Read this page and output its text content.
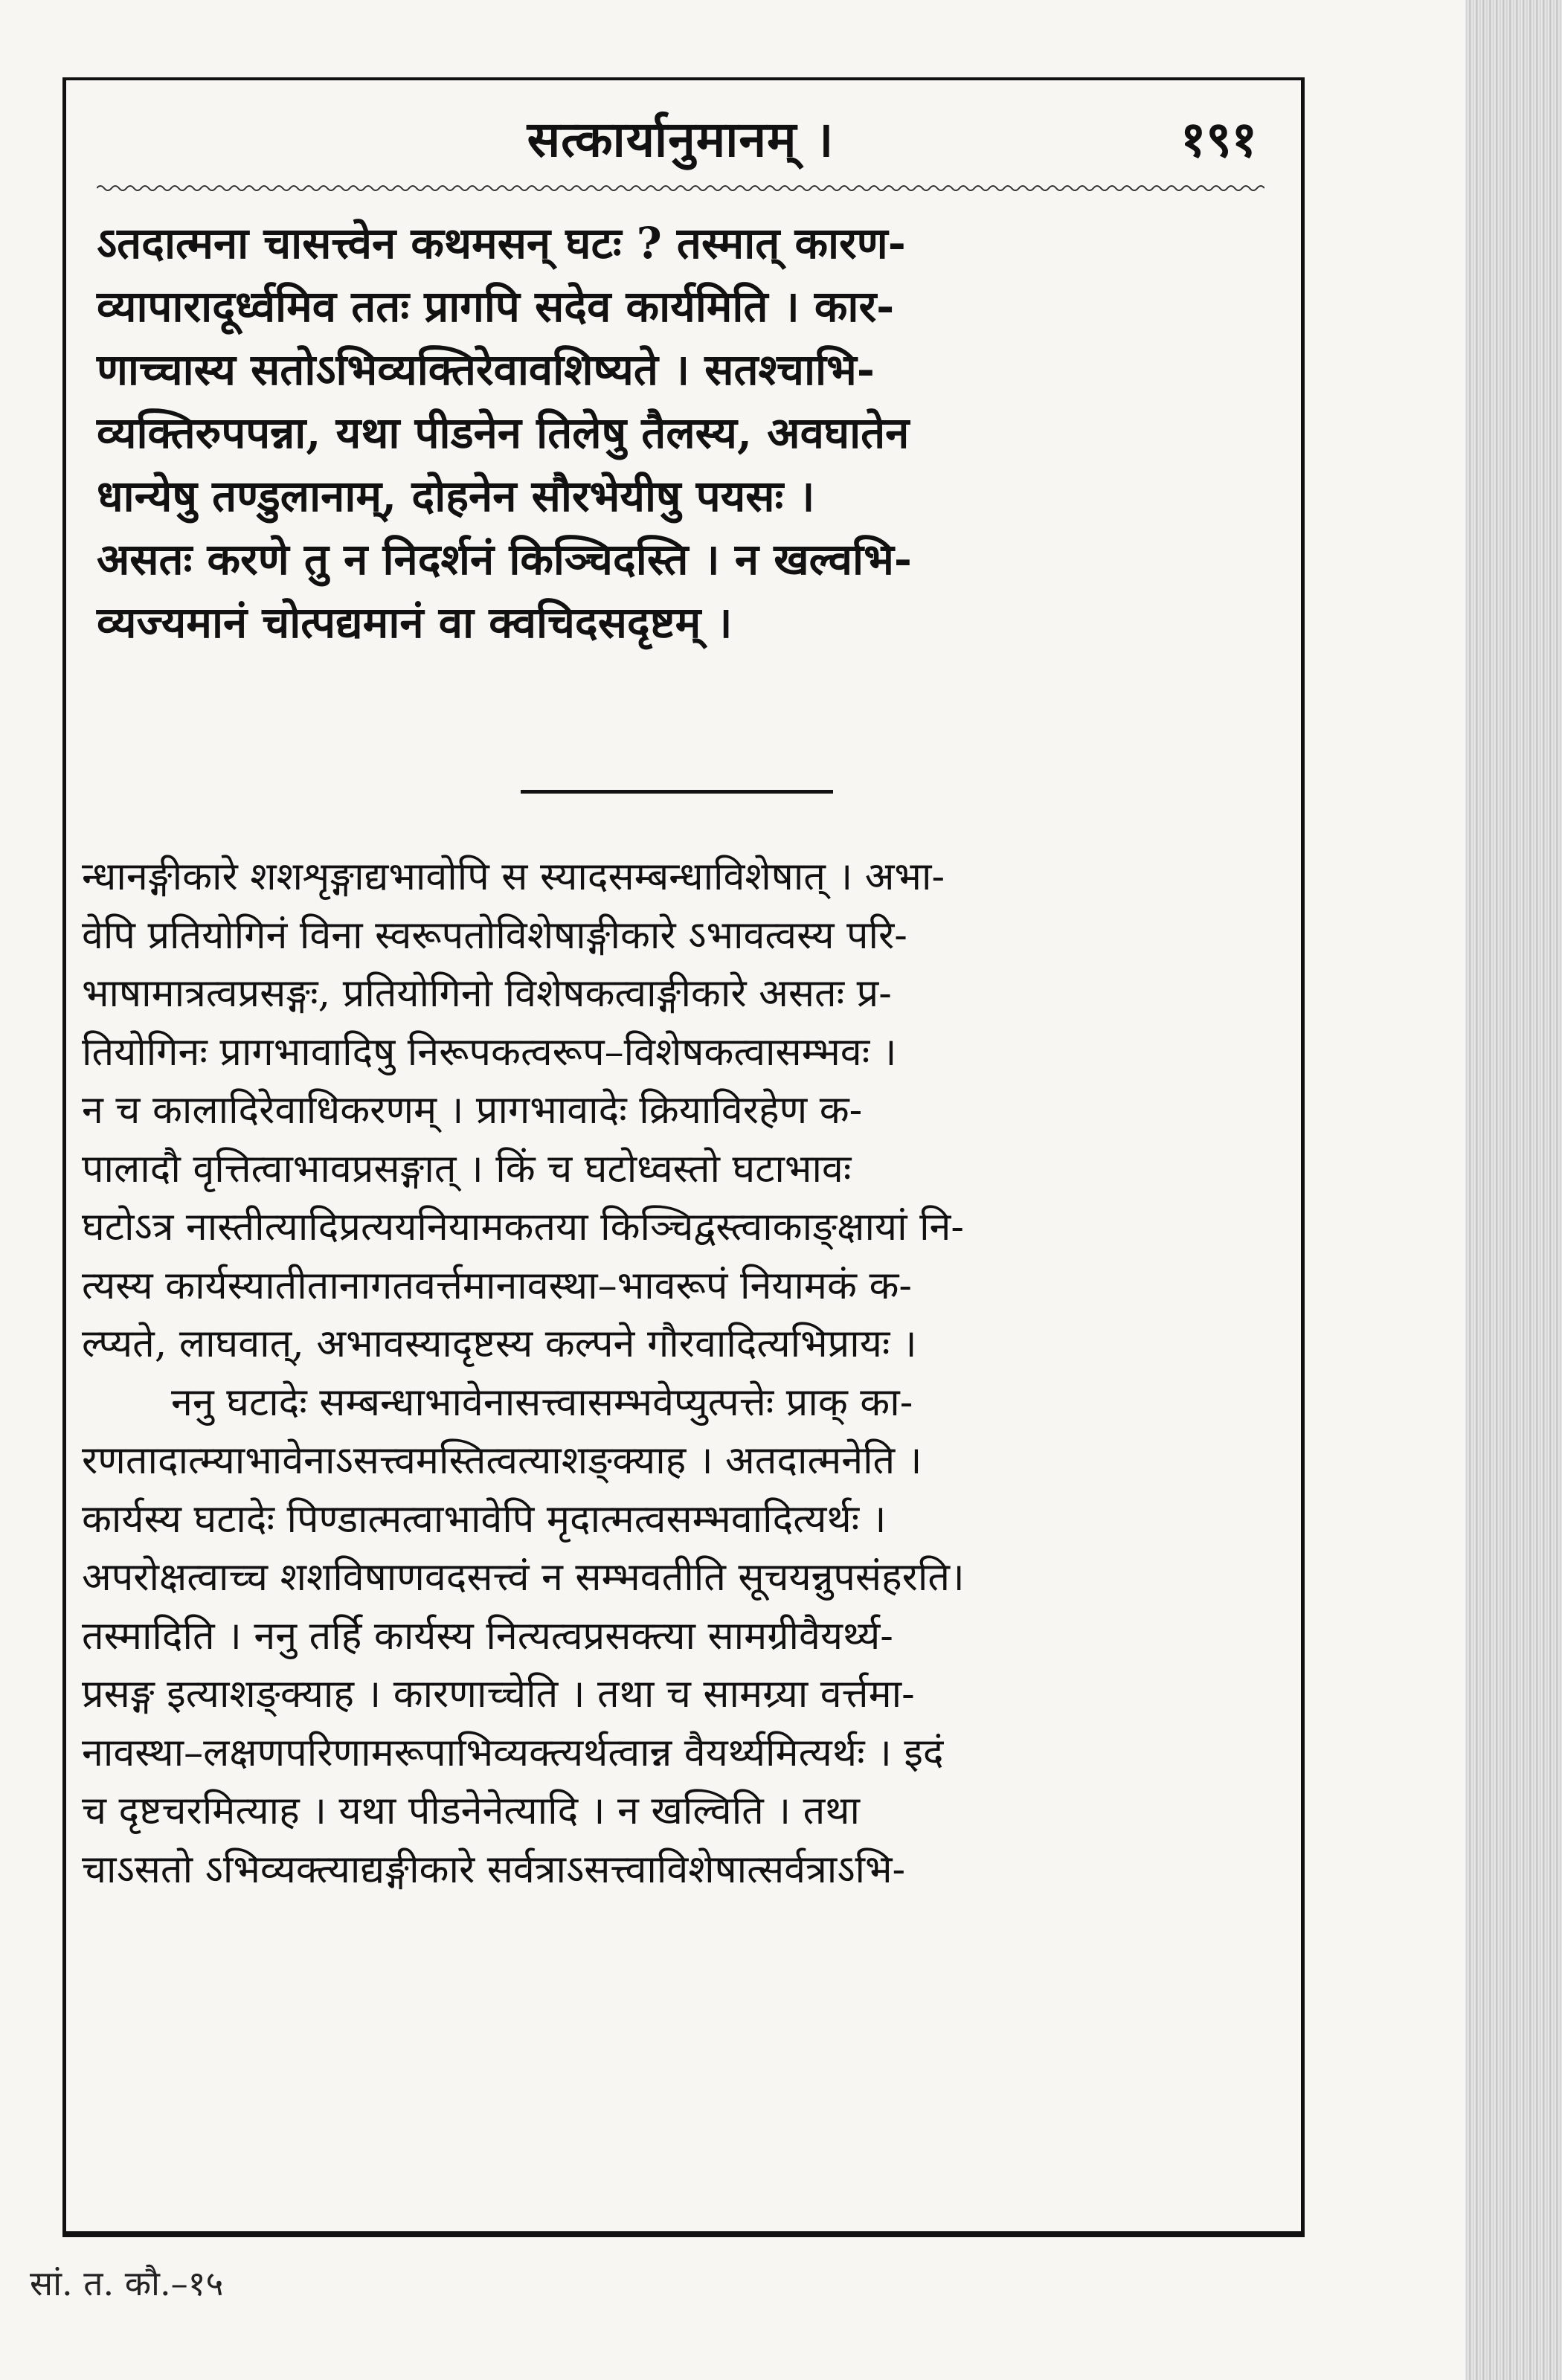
सत्कार्यानुमानम् ।	१९१
ऽतदात्मना चासत्त्वेन कथमसन् घटः ? तस्मात् कारण-
व्यापारादूर्ध्वमिव ततः प्रागपि सदेव कार्यमिति । कार-
णाच्चास्य सतोऽभिव्यक्तिरेवावशिष्यते । सतश्चाभि-
व्यक्तिरुपपन्ना, यथा पीडनेन तिलेषु तैलस्य, अवघातेन
धान्येषु तण्डुलानाम्, दोहनेन सौरभेयीषु पयसः ।
असतः करणे तु न निदर्शनं किञ्चिदस्ति । न खल्वभि-
व्यज्यमानं चोत्पद्यमानं वा क्वचिदसदृष्टम् ।
न्धानङ्गीकारे शशशृङ्गाद्यभावोपि स स्यादसम्बन्धाविशेषात् । अभा-
वेपि प्रतियोगिनं विना स्वरूपतोविशेषाङ्गीकारे ऽभावत्वस्य परि-
भाषामात्रत्वप्रसङ्गः, प्रतियोगिनो विशेषकत्वाङ्गीकारे असतः प्र-
तियोगिनः प्रागभावादिषु निरूपकत्वरूप–विशेषकत्वासम्भवः ।
न च कालादिरेवाधिकरणम् । प्रागभावादेः क्रियाविरहेण क-
पालादौ वृत्तित्वाभावप्रसङ्गात् । किं च घटोध्वस्तो घटाभावः
घटोऽत्र नास्तीत्यादिप्रत्ययनियामकतया किञ्चिद्वस्त्वाकाङ्क्षायां नि-
त्यस्य कार्यस्यातीतानागतवर्त्तमानावस्था–भावरूपं नियामकं क-
ल्प्यते, लाघवात्, अभावस्यादृष्टस्य कल्पने गौरवादित्यभिप्रायः ।
ननु घटादेः सम्बन्धाभावेनासत्त्वासम्भवेप्युत्पत्तेः प्राक् का-
रणतादात्म्याभावेनाऽसत्त्वमस्तित्वत्याशङ्क्याह । अतदात्मनेति ।
कार्यस्य घटादेः पिण्डात्मत्वाभावेपि मृदात्मत्वसम्भवादित्यर्थः ।
अपरोक्षत्वाच्च शशविषाणवदसत्त्वं न सम्भवतीति सूचयन्नुपसंहरति।
तस्मादिति । ननु तर्हि कार्यस्य नित्यत्वप्रसक्त्या सामग्रीवैयर्थ्य-
प्रसङ्ग इत्याशङ्क्याह । कारणाच्चेति । तथा च सामग्र्या वर्त्तमा-
नावस्था–लक्षणपरिणामरूपाभिव्यक्त्यर्थत्वान्न वैयर्थ्यमित्यर्थः । इदं
च दृष्टचरमित्याह । यथा पीडनेनेत्यादि । न खल्विति । तथा
चाऽसतो ऽभिव्यक्त्याद्यङ्गीकारे सर्वत्राऽसत्त्वाविशेषात्सर्वत्राऽभि-
सां. त. कौ.–१५
